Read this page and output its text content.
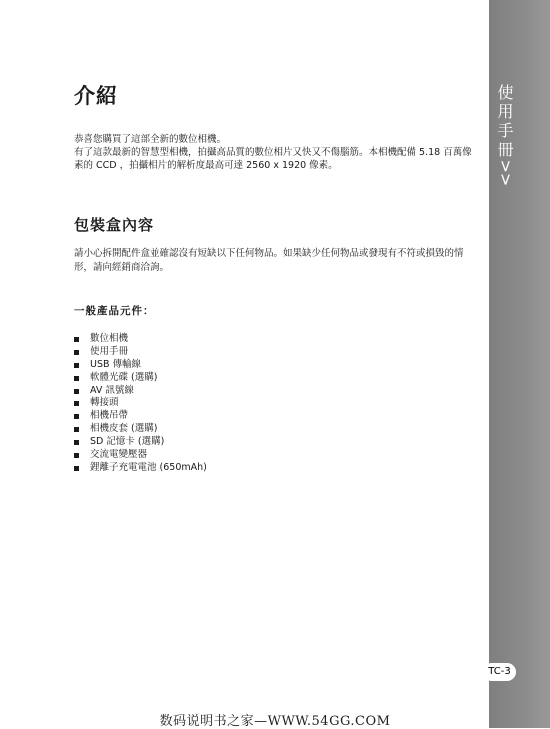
使用手冊
>>
TC-3
介紹

恭喜您購買了這部全新的數位相機。

有了這款最新的智慧型相機，拍攝高品質的數位相片又快又不傷腦筋。本相機配備 5.18 百萬像素的 CCD ，拍攝相片的解析度最高可達 2560 x 1920 像素。

包裝盒內容

請小心拆開配件盒並確認沒有短缺以下任何物品。如果缺少任何物品或發現有不符或損毀的情形，請向經銷商洽詢。

一般產品元件：
數位相機
使用手冊
USB 傳輸線
軟體光碟 (選購)
AV 訊號線
轉接頭
相機吊帶
相機皮套 (選購)
SD 記憶卡 (選購)
交流電變壓器
鋰離子充電電池 (650mAh)
数码说明书之家—WWW.54GG.COM
